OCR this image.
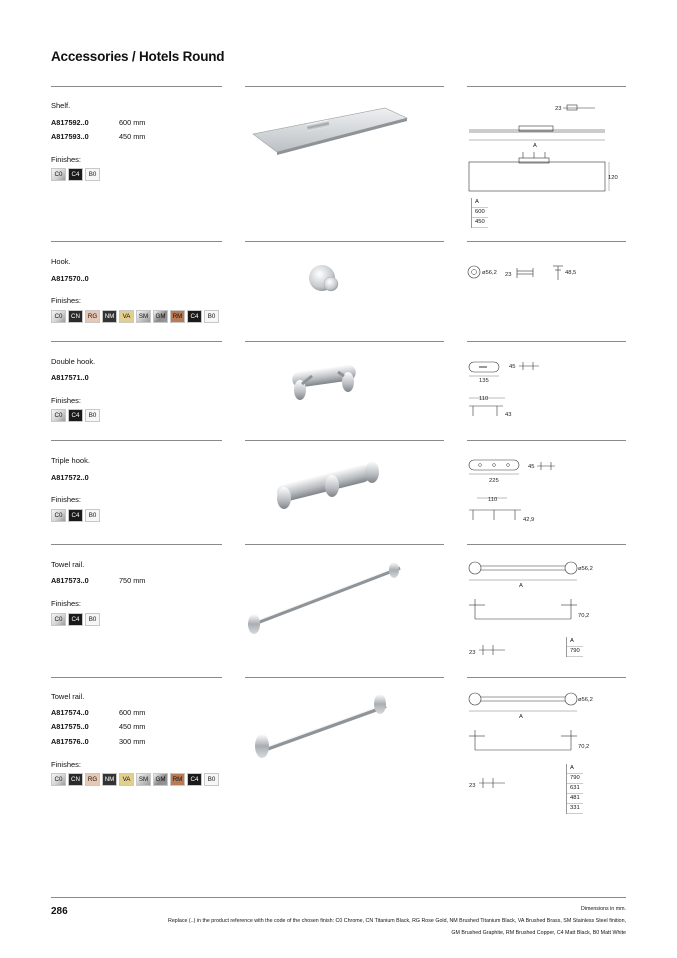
Accessories / Hotels Round
Shelf.
A817592..0	600 mm
A817593..0	450 mm
Finishes:
C0	C4	B0
A
23
120
A
600
450
Hook.
A817570..0
Finishes:
C0	CN	RG	NM	VA	SM	GM	RM	C4	B0
ø56,2 23	48,5
Double hook.
A817571..0
Finishes:
C0	C4	B0
135
45
110
43
Triple hook.
A817572..0
Finishes:
C0	C4	B0
225
45
110
42,9
Towel rail.
A817573..0	750 mm
Finishes:
C0	C4	B0
ø56,2
A
70,2
23
A
790
Towel rail.
A817574..0	600 mm
A817575..0	450 mm
A817576..0	300 mm
Finishes:
C0	CN	RG	NM	VA	SM	GM	RM	C4	B0
ø56,2
A
70,2
23
A
790
631
481
331
286	Dimensions in mm.
Replace (..) in the product reference with the code of the chosen finish: C0 Chrome, CN Titanium Black, RG Rose Gold, NM Brushed Titanium Black, VA Brushed Brass, SM Stainless Steel finition,
GM Brushed Graphite, RM Brushed Copper, C4 Matt Black, B0 Matt White
